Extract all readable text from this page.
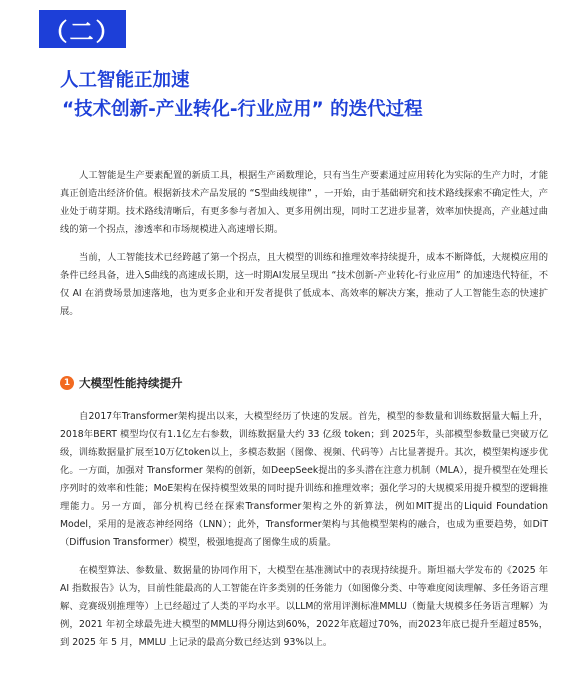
（二）
人工智能正加速
“技术创新-产业转化-行业应用” 的迭代过程

人工智能是生产要素配置的新质工具，根据生产函数理论，只有当生产要素通过应用转化为实际的生产力时，才能真正创造出经济价值。根据新技术产品发展的 “S型曲线规律” ，一开始，由于基础研究和技术路线探索不确定性大，产业处于萌芽期。技术路线清晰后，有更多参与者加入、更多用例出现，同时工艺进步显著，效率加快提高，产业越过曲线的第一个拐点，渗透率和市场规模进入高速增长期。

当前，人工智能技术已经跨越了第一个拐点，且大模型的训练和推理效率持续提升，成本不断降低，大规模应用的条件已经具备，进入S曲线的高速成长期，这一时期AI发展呈现出 “技术创新-产业转化-行业应用” 的加速迭代特征，不仅 AI 在消费场景加速落地，也为更多企业和开发者提供了低成本、高效率的解决方案，推动了人工智能生态的快速扩展。

1 大模型性能持续提升

自2017年Transformer架构提出以来，大模型经历了快速的发展。首先，模型的参数量和训练数据量大幅上升，2018年BERT 模型均仅有1.1亿左右参数，训练数据量大约 33 亿级 token；到 2025年，头部模型参数量已突破万亿级，训练数据量扩展至10万亿token以上，多模态数据（图像、视频、代码等）占比显著提升。其次，模型架构逐步优化。一方面，加强对 Transformer 架构的创新，如DeepSeek提出的多头潜在注意力机制（MLA），提升模型在处理长序列时的效率和性能；MoE架构在保持模型效果的同时提升训练和推理效率；强化学习的大规模采用提升模型的逻辑推理能力。另一方面，部分机构已经在探索Transformer架构之外的新算法，例如MIT提出的Liquid Foundation Model，采用的是液态神经网络（LNN）；此外，Transformer架构与其他模型架构的融合，也成为重要趋势，如DiT（Diffusion Transformer）模型，极强地提高了图像生成的质量。

在模型算法、参数量、数据量的协同作用下，大模型在基准测试中的表现持续提升。斯坦福大学发布的《2025 年 AI 指数报告》认为，目前性能最高的人工智能在许多类别的任务能力（如图像分类、中等难度阅读理解、多任务语言理解、竞赛级别推理等）上已经超过了人类的平均水平。以LLM的常用评测标准MMLU（衡量大规模多任务语言理解）为例，2021 年初全球最先进大模型的MMLU得分刚达到60%，2022年底超过70%，而2023年底已提升至超过85%，到 2025 年 5 月，MMLU 上记录的最高分数已经达到 93%以上。
